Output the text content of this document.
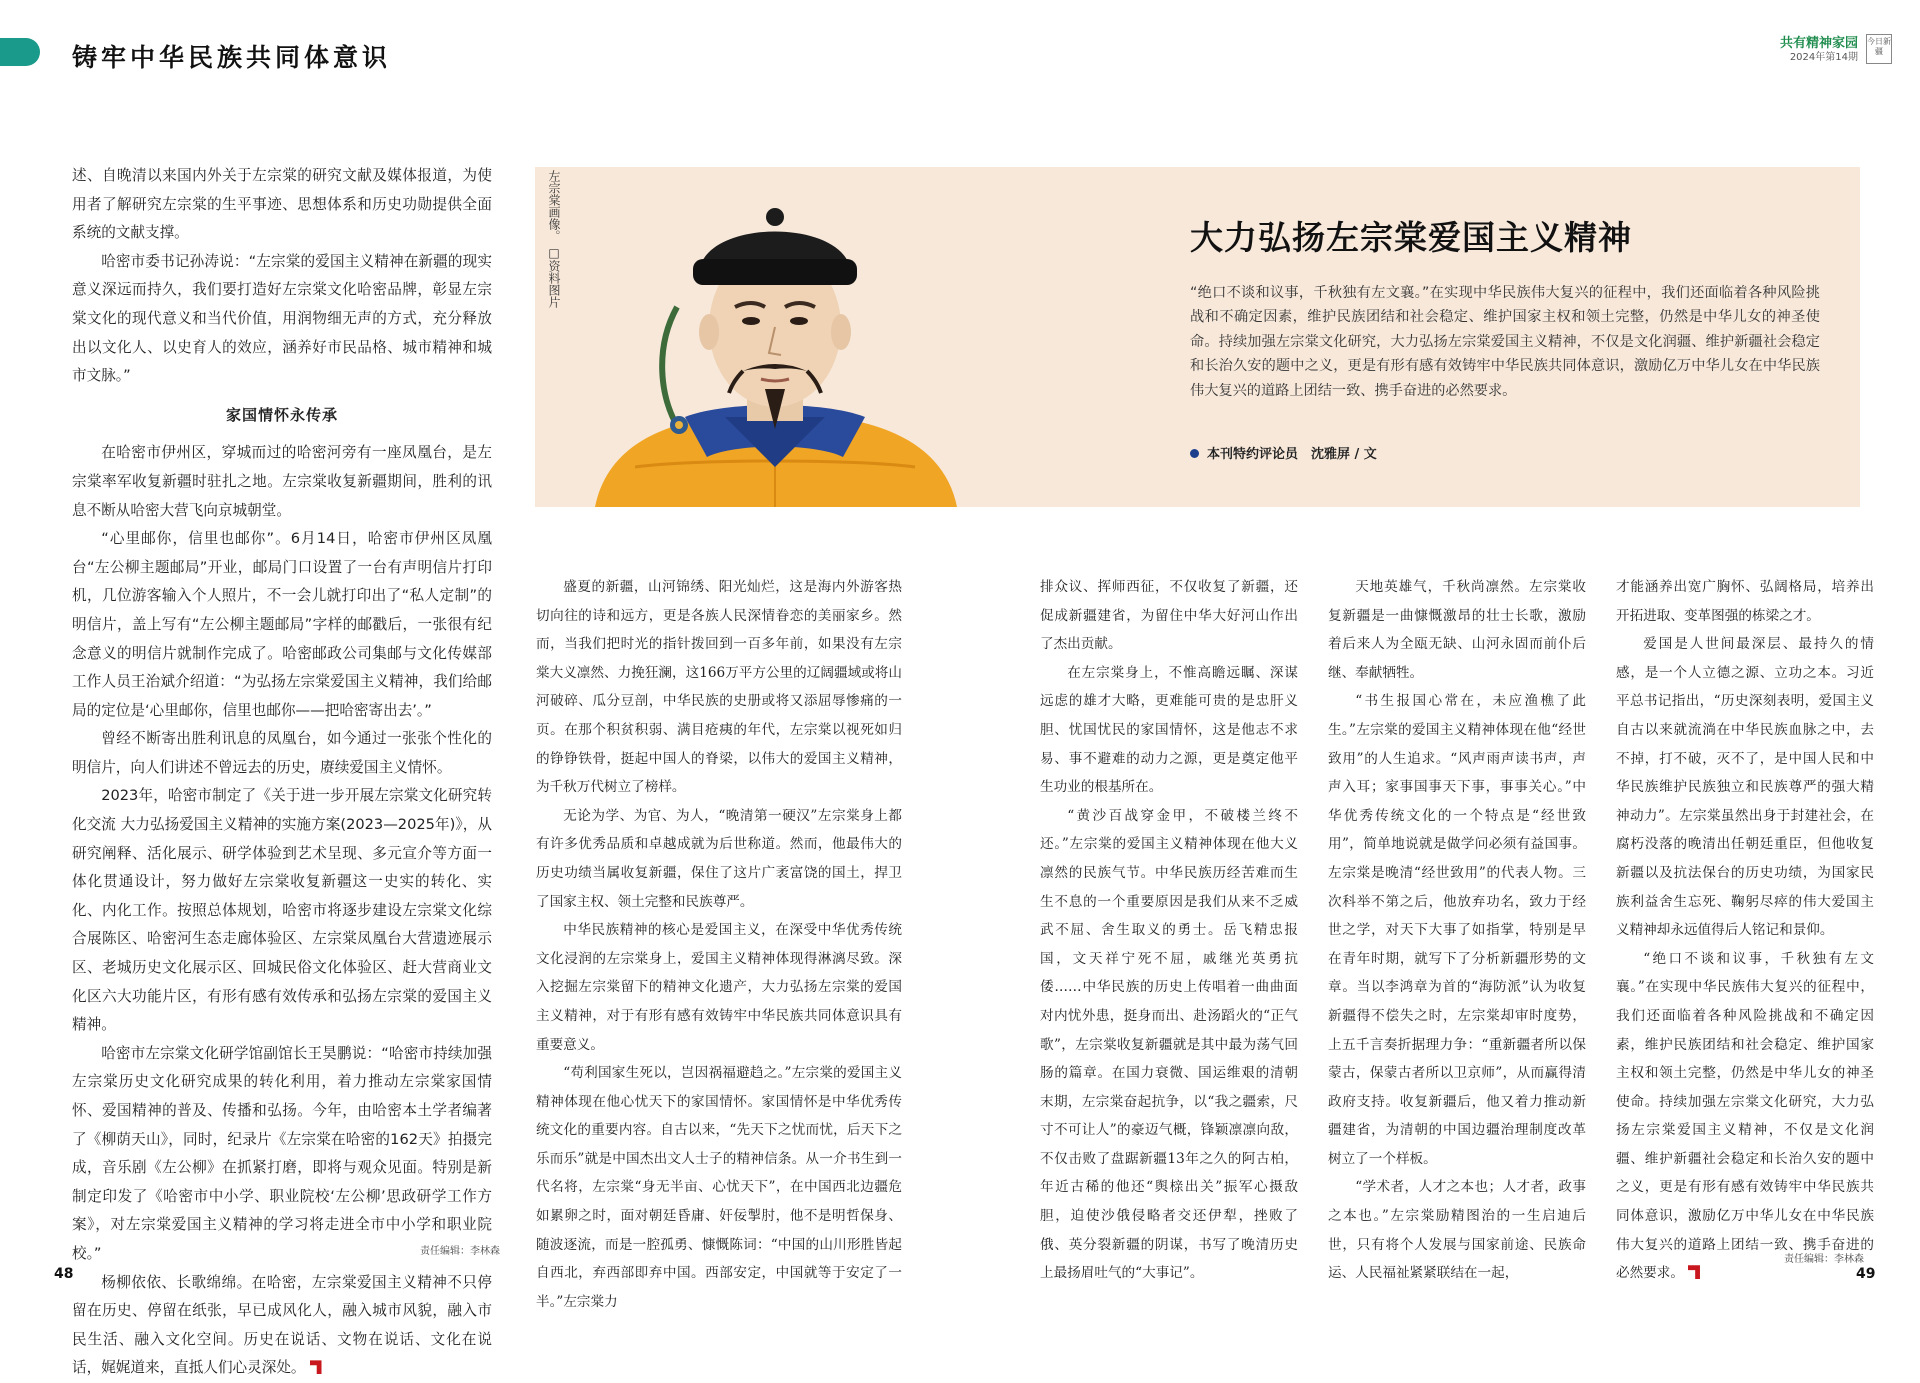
铸牢中华民族共同体意识	共有精神家园
2024年第14期
今日新疆

述、自晚清以来国内外关于左宗棠的研究文献及媒体报道，为使用者了解研究左宗棠的生平事迹、思想体系和历史功勋提供全面系统的文献支撑。

哈密市委书记孙涛说：“左宗棠的爱国主义精神在新疆的现实意义深远而持久，我们要打造好左宗棠文化哈密品牌，彰显左宗棠文化的现代意义和当代价值，用润物细无声的方式，充分释放出以文化人、以史育人的效应，涵养好市民品格、城市精神和城市文脉。”

家国情怀永传承

在哈密市伊州区，穿城而过的哈密河旁有一座凤凰台，是左宗棠率军收复新疆时驻扎之地。左宗棠收复新疆期间，胜利的讯息不断从哈密大营飞向京城朝堂。

“心里邮你，信里也邮你”。6月14日，哈密市伊州区凤凰台“左公柳主题邮局”开业，邮局门口设置了一台有声明信片打印机，几位游客输入个人照片，不一会儿就打印出了“私人定制”的明信片，盖上写有“左公柳主题邮局”字样的邮戳后，一张很有纪念意义的明信片就制作完成了。哈密邮政公司集邮与文化传媒部工作人员王治斌介绍道：“为弘扬左宗棠爱国主义精神，我们给邮局的定位是‘心里邮你，信里也邮你——把哈密寄出去’。”

曾经不断寄出胜利讯息的凤凰台，如今通过一张张个性化的明信片，向人们讲述不曾远去的历史，赓续爱国主义情怀。

2023年，哈密市制定了《关于进一步开展左宗棠文化研究转化交流 大力弘扬爱国主义精神的实施方案(2023—2025年)》，从研究阐释、活化展示、研学体验到艺术呈现、多元宣介等方面一体化贯通设计，努力做好左宗棠收复新疆这一史实的转化、实化、内化工作。按照总体规划，哈密市将逐步建设左宗棠文化综合展陈区、哈密河生态走廊体验区、左宗棠凤凰台大营遗迹展示区、老城历史文化展示区、回城民俗文化体验区、赶大营商业文化区六大功能片区，有形有感有效传承和弘扬左宗棠的爱国主义精神。

哈密市左宗棠文化研学馆副馆长王昊鹏说：“哈密市持续加强左宗棠历史文化研究成果的转化利用，着力推动左宗棠家国情怀、爱国精神的普及、传播和弘扬。今年，由哈密本土学者编著了《柳荫天山》，同时，纪录片《左宗棠在哈密的162天》拍摄完成，音乐剧《左公柳》在抓紧打磨，即将与观众见面。特别是新制定印发了《哈密市中小学、职业院校‘左公柳’思政研学工作方案》，对左宗棠爱国主义精神的学习将走进全市中小学和职业院校。”

杨柳依依、长歌绵绵。在哈密，左宗棠爱国主义精神不只停留在历史、停留在纸张，早已成风化人，融入城市风貌，融入市民生活、融入文化空间。历史在说话、文物在说话、文化在说话，娓娓道来，直抵人们心灵深处。

责任编辑：李林森
48
左宗棠画像。 □资料图片	大力弘扬左宗棠爱国主义精神
“绝口不谈和议事，千秋独有左文襄。”在实现中华民族伟大复兴的征程中，我们还面临着各种风险挑战和不确定因素，维护民族团结和社会稳定、维护国家主权和领土完整，仍然是中华儿女的神圣使命。持续加强左宗棠文化研究，大力弘扬左宗棠爱国主义精神，不仅是文化润疆、维护新疆社会稳定和长治久安的题中之义，更是有形有感有效铸牢中华民族共同体意识，激励亿万中华儿女在中华民族伟大复兴的道路上团结一致、携手奋进的必然要求。
本刊特约评论员　沈雅屏 / 文

盛夏的新疆，山河锦绣、阳光灿烂，这是海内外游客热切向往的诗和远方，更是各族人民深情眷恋的美丽家乡。然而，当我们把时光的指针拨回到一百多年前，如果没有左宗棠大义凛然、力挽狂澜，这166万平方公里的辽阔疆域或将山河破碎、瓜分豆剖，中华民族的史册或将又添屈辱惨痛的一页。在那个积贫积弱、满目疮痍的年代，左宗棠以视死如归的铮铮铁骨，挺起中国人的脊梁，以伟大的爱国主义精神，为千秋万代树立了榜样。

无论为学、为官、为人，“晚清第一硬汉”左宗棠身上都有许多优秀品质和卓越成就为后世称道。然而，他最伟大的历史功绩当属收复新疆，保住了这片广袤富饶的国土，捍卫了国家主权、领土完整和民族尊严。

中华民族精神的核心是爱国主义，在深受中华优秀传统文化浸润的左宗棠身上，爱国主义精神体现得淋漓尽致。深入挖掘左宗棠留下的精神文化遗产，大力弘扬左宗棠的爱国主义精神，对于有形有感有效铸牢中华民族共同体意识具有重要意义。

“苟利国家生死以，岂因祸福避趋之。”左宗棠的爱国主义精神体现在他心忧天下的家国情怀。家国情怀是中华优秀传统文化的重要内容。自古以来，“先天下之忧而忧，后天下之乐而乐”就是中国杰出文人士子的精神信条。从一介书生到一代名将，左宗棠“身无半亩、心忧天下”，在中国西北边疆危如累卵之时，面对朝廷昏庸、奸佞掣肘，他不是明哲保身、随波逐流，而是一腔孤勇、慷慨陈词：“中国的山川形胜皆起自西北，弃西部即弃中国。西部安定，中国就等于安定了一半。”左宗棠力

排众议、挥师西征，不仅收复了新疆，还促成新疆建省，为留住中华大好河山作出了杰出贡献。

在左宗棠身上，不惟高瞻远瞩、深谋远虑的雄才大略，更难能可贵的是忠肝义胆、忧国忧民的家国情怀，这是他志不求易、事不避难的动力之源，更是奠定他平生功业的根基所在。

“黄沙百战穿金甲，不破楼兰终不还。”左宗棠的爱国主义精神体现在他大义凛然的民族气节。中华民族历经苦难而生生不息的一个重要原因是我们从来不乏威武不屈、舍生取义的勇士。岳飞精忠报国，文天祥宁死不屈，戚继光英勇抗倭……中华民族的历史上传唱着一曲曲面对内忧外患，挺身而出、赴汤蹈火的“正气歌”，左宗棠收复新疆就是其中最为荡气回肠的篇章。在国力衰微、国运维艰的清朝末期，左宗棠奋起抗争，以“我之疆索，尺寸不可让人”的豪迈气概，锋颖凛凛向敌，不仅击败了盘踞新疆13年之久的阿古柏，年近古稀的他还“舆榇出关”振军心摄敌胆，迫使沙俄侵略者交还伊犁，挫败了俄、英分裂新疆的阴谋，书写了晚清历史上最扬眉吐气的“大事记”。

天地英雄气，千秋尚凛然。左宗棠收复新疆是一曲慷慨激昂的壮士长歌，激励着后来人为全瓯无缺、山河永固而前仆后继、奉献牺牲。

“书生报国心常在，未应渔樵了此生。”左宗棠的爱国主义精神体现在他“经世致用”的人生追求。“风声雨声读书声，声声入耳；家事国事天下事，事事关心。”中华优秀传统文化的一个特点是“经世致用”，简单地说就是做学问必须有益国事。左宗棠是晚清“经世致用”的代表人物。三次科举不第之后，他放弃功名，致力于经世之学，对天下大事了如指掌，特别是早在青年时期，就写下了分析新疆形势的文章。当以李鸿章为首的“海防派”认为收复新疆得不偿失之时，左宗棠却审时度势，上五千言奏折据理力争：“重新疆者所以保蒙古，保蒙古者所以卫京师”，从而赢得清政府支持。收复新疆后，他又着力推动新疆建省，为清朝的中国边疆治理制度改革树立了一个样板。

“学术者，人才之本也；人才者，政事之本也。”左宗棠励精图治的一生启迪后世，只有将个人发展与国家前途、民族命运、人民福祉紧紧联结在一起，

才能涵养出宽广胸怀、弘阔格局，培养出开拓进取、变革图强的栋梁之才。

爱国是人世间最深层、最持久的情感，是一个人立德之源、立功之本。习近平总书记指出，“历史深刻表明，爱国主义自古以来就流淌在中华民族血脉之中，去不掉，打不破，灭不了，是中国人民和中华民族维护民族独立和民族尊严的强大精神动力”。左宗棠虽然出身于封建社会，在腐朽没落的晚清出任朝廷重臣，但他收复新疆以及抗法保台的历史功绩，为国家民族利益舍生忘死、鞠躬尽瘁的伟大爱国主义精神却永远值得后人铭记和景仰。

“绝口不谈和议事，千秋独有左文襄。”在实现中华民族伟大复兴的征程中，我们还面临着各种风险挑战和不确定因素，维护民族团结和社会稳定、维护国家主权和领土完整，仍然是中华儿女的神圣使命。持续加强左宗棠文化研究，大力弘扬左宗棠爱国主义精神，不仅是文化润疆、维护新疆社会稳定和长治久安的题中之义，更是有形有感有效铸牢中华民族共同体意识，激励亿万中华儿女在中华民族伟大复兴的道路上团结一致、携手奋进的必然要求。

责任编辑：李林森
49
